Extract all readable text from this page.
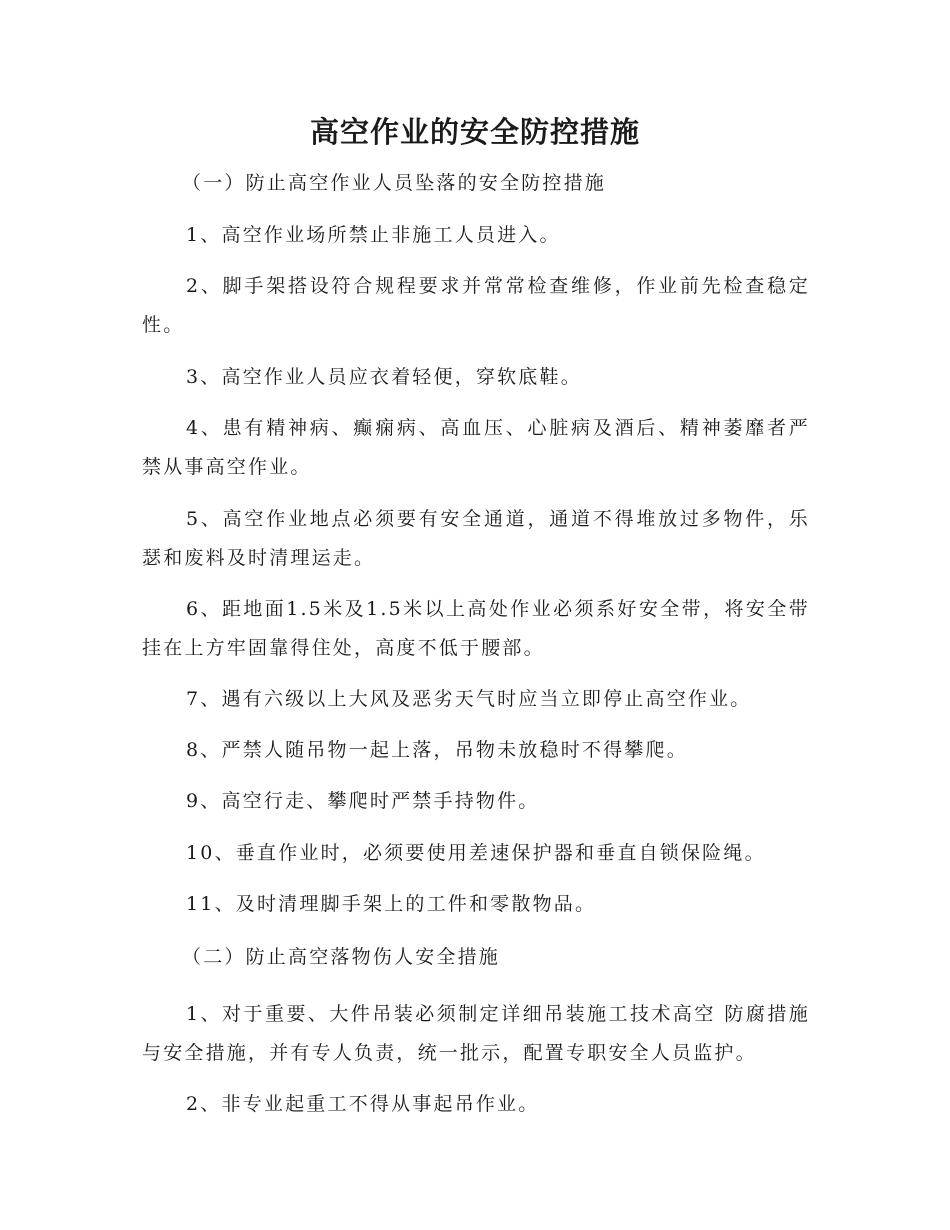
高空作业的安全防控措施

（一）防止高空作业人员坠落的安全防控措施

1、高空作业场所禁止非施工人员进入。

2、脚手架搭设符合规程要求并常常检查维修，作业前先检查稳定性。

3、高空作业人员应衣着轻便，穿软底鞋。

4、患有精神病、癫痫病、高血压、心脏病及酒后、精神萎靡者严禁从事高空作业。

5、高空作业地点必须要有安全通道，通道不得堆放过多物件，乐瑟和废料及时清理运走。

6、距地面1.5米及1.5米以上高处作业必须系好安全带，将安全带挂在上方牢固靠得住处，高度不低于腰部。

7、遇有六级以上大风及恶劣天气时应当立即停止高空作业。

8、严禁人随吊物一起上落，吊物未放稳时不得攀爬。

9、高空行走、攀爬时严禁手持物件。

10、垂直作业时，必须要使用差速保护器和垂直自锁保险绳。

11、及时清理脚手架上的工件和零散物品。

（二）防止高空落物伤人安全措施

1、对于重要、大件吊装必须制定详细吊装施工技术高空 防腐措施与安全措施，并有专人负责，统一批示，配置专职安全人员监护。

2、非专业起重工不得从事起吊作业。
